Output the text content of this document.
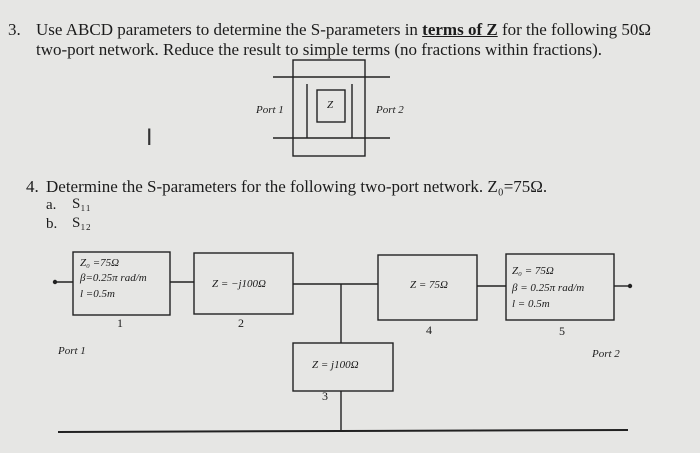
3. Use ABCD parameters to determine the S-parameters in terms of Z for the following 50Ω
two-port network. Reduce the result to simple terms (no fractions within fractions).
Port 1	Port 2
Z
I
4. Determine the S-parameters for the following two-port network. Z₀=75Ω.
a. S₁₁
b. S₁₂
Z₀ =75Ω
β=0.25π rad/m
l =0.5m
1
Z = −j100Ω
2
Z = 75Ω
4
Z₀ = 75Ω
β = 0.25π rad/m
l = 0.5m
5
Z = j100Ω
3
Port 1	Port 2
